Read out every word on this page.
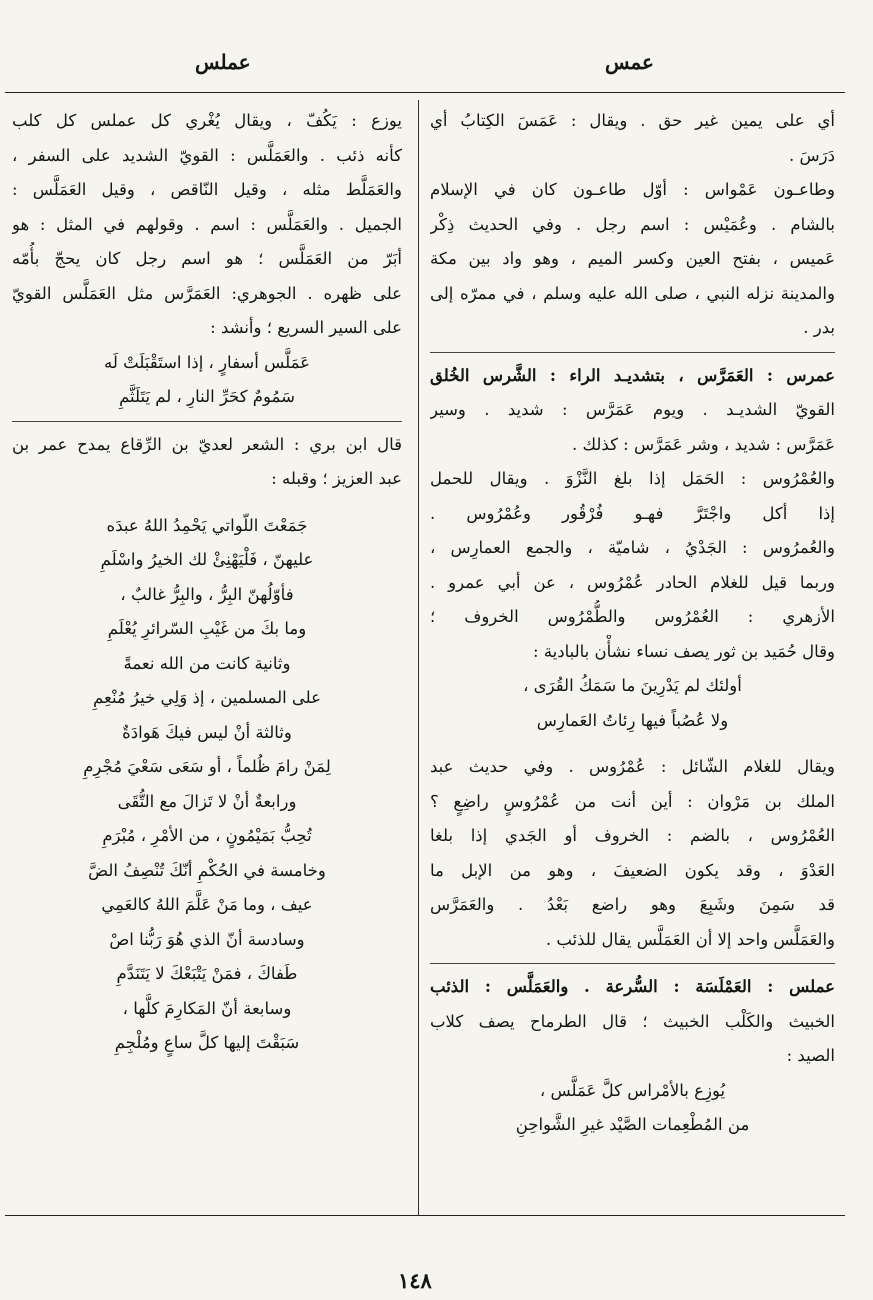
عمس
عملس
أي على يمين غير حق . ويقال : عَمَسَ الكِتابُ أي
دَرَسَ .
وطاعـون عَمْواس : أوّل طاعـون كان في الإسلام
بالشام . وعُمَيْس : اسم رجل . وفي الحديث ذِكْر
عَميس ، بفتح العين وكسر الميم ، وهو واد بين مكة
والمدينة نزله النبي ، صلى الله عليه وسلم ، في ممرّه إلى
بدر .
عمرس : العَمَرَّس ، بتشديـد الراء : الشَّرس الخُلق
القويّ الشديـد . ويوم عَمَرَّس : شديد . وسير
عَمَرَّس : شديد ، وشر عَمَرَّس : كذلك .
والعُمْرُوس : الحَمَل إذا بلغ النَّزْوَ . ويقال للحمل
إذا أكل واجْتَرَّ فهـو فُرْقُور وعُمْرُوس .
والعُمرُوس : الجَدْيُ ، شاميّة ، والجمع العمارِس ،
وربما قيل للغلام الحادر عُمْرُوس ، عن أبي عمرو .
الأزهري : العُمْرُوس والطُّمْرُوس الخروف ؛
وقال حُمَيد بن ثور يصف نساء نشأْن بالبادية :
أولئك لم يَدْرِينَ ما سَمَكُ القُرَى ،
ولا عُصُباً فيها رِئاتُ العَمارِس
ويقال للغلام الشّائل : عُمْرُوس . وفي حديث عبد
الملك بن مَرْوان : أين أنت من عُمْرُوسٍ راضِعٍ ؟
العُمْرُوس ، بالضم : الخروف أو الجَدي إذا بلغا
العَدْوَ ، وقد يكون الضعيفَ ، وهو من الإبل ما
قد سَمِنَ وشَبِعَ وهو راضع بَعْدُ . والعَمَرَّس
والعَمَلَّس واحد إلا أن العَمَلَّس يقال للذئب .
عملس : العَمْلَسَة : السُّرعة . والعَمَلَّس : الذئب
الخبيث والكَلْب الخبيث ؛ قال الطرماح يصف كلاب
الصيد :
يُوزِع بالأمْراس كلَّ عَمَلَّس ،
من المُطْعِمات الصَّيْد غيرِ الشَّواحِنِ
يوزع : يَكُفّ ، ويقال يُغْري كل عملس كل كلب
كأنه ذئب . والعَمَلَّس : القويّ الشديد على السفر ،
والعَمَلَّط مثله ، وقيل النّاقص ، وقيل العَمَلَّس :
الجميل . والعَمَلَّس : اسم . وقولهم في المثل : هو
أبَرّ من العَمَلَّس ؛ هو اسم رجل كان يحجّ بأُمّه
على ظهره . الجوهري: العَمَرَّس مثل العَمَلَّس القويّ
على السير السريع ؛ وأنشد :
عَمَلَّس أسفارٍ ، إذا استَقْبَلَتْ لَه
سَمُومٌ كحَرِّ النارِ ، لم يَتَلَثَّمِ
قال ابن بري : الشعر لعديّ بن الرِّقاع يمدح عمر بن
عبد العزيز ؛ وقبله :
جَمَعْتَ اللّواتي يَحْمِدُ اللهُ عبدَه
عليهنّ ، فَلْيَهْنِئْ لك الخيرُ واسْلَمِ
فأوّلُهنّ البِرُّ ، والبِرُّ غالبٌ ،
وما بكَ من غَيْبِ السّرائرِ يُعْلَمِ
وثانية كانت من الله نعمةً
على المسلمين ، إذ وَلِي خيرُ مُنْعِمِ
وثالثة أنْ ليس فيكَ هَوادَةٌ
لِمَنْ رامَ ظُلماً ، أو سَعَى سَعْيَ مُجْرِمِ
ورابعةٌ أنْ لا تَزالَ مع التُّقَى
تُحِبُّ بَمَيْمُونٍ ، من الأمْرِ ، مُبْرَمِ
وخامسة في الحُكْمِ أنّكَ تُنْصِفُ الضَّ
عيف ، وما مَنْ عَلَّمَ اللهُ كالعَمِي
وسادسة أنّ الذي هُوَ رَبُّنا اصْ
طَفاكَ ، فمَنْ يَتْبَعْكَ لا يَتَنَدَّمِ
وسابعة أنّ المَكارِمَ كلَّها ،
سَبَقْتَ إليها كلَّ ساعٍ ومُلْجِمِ
١٤٨
